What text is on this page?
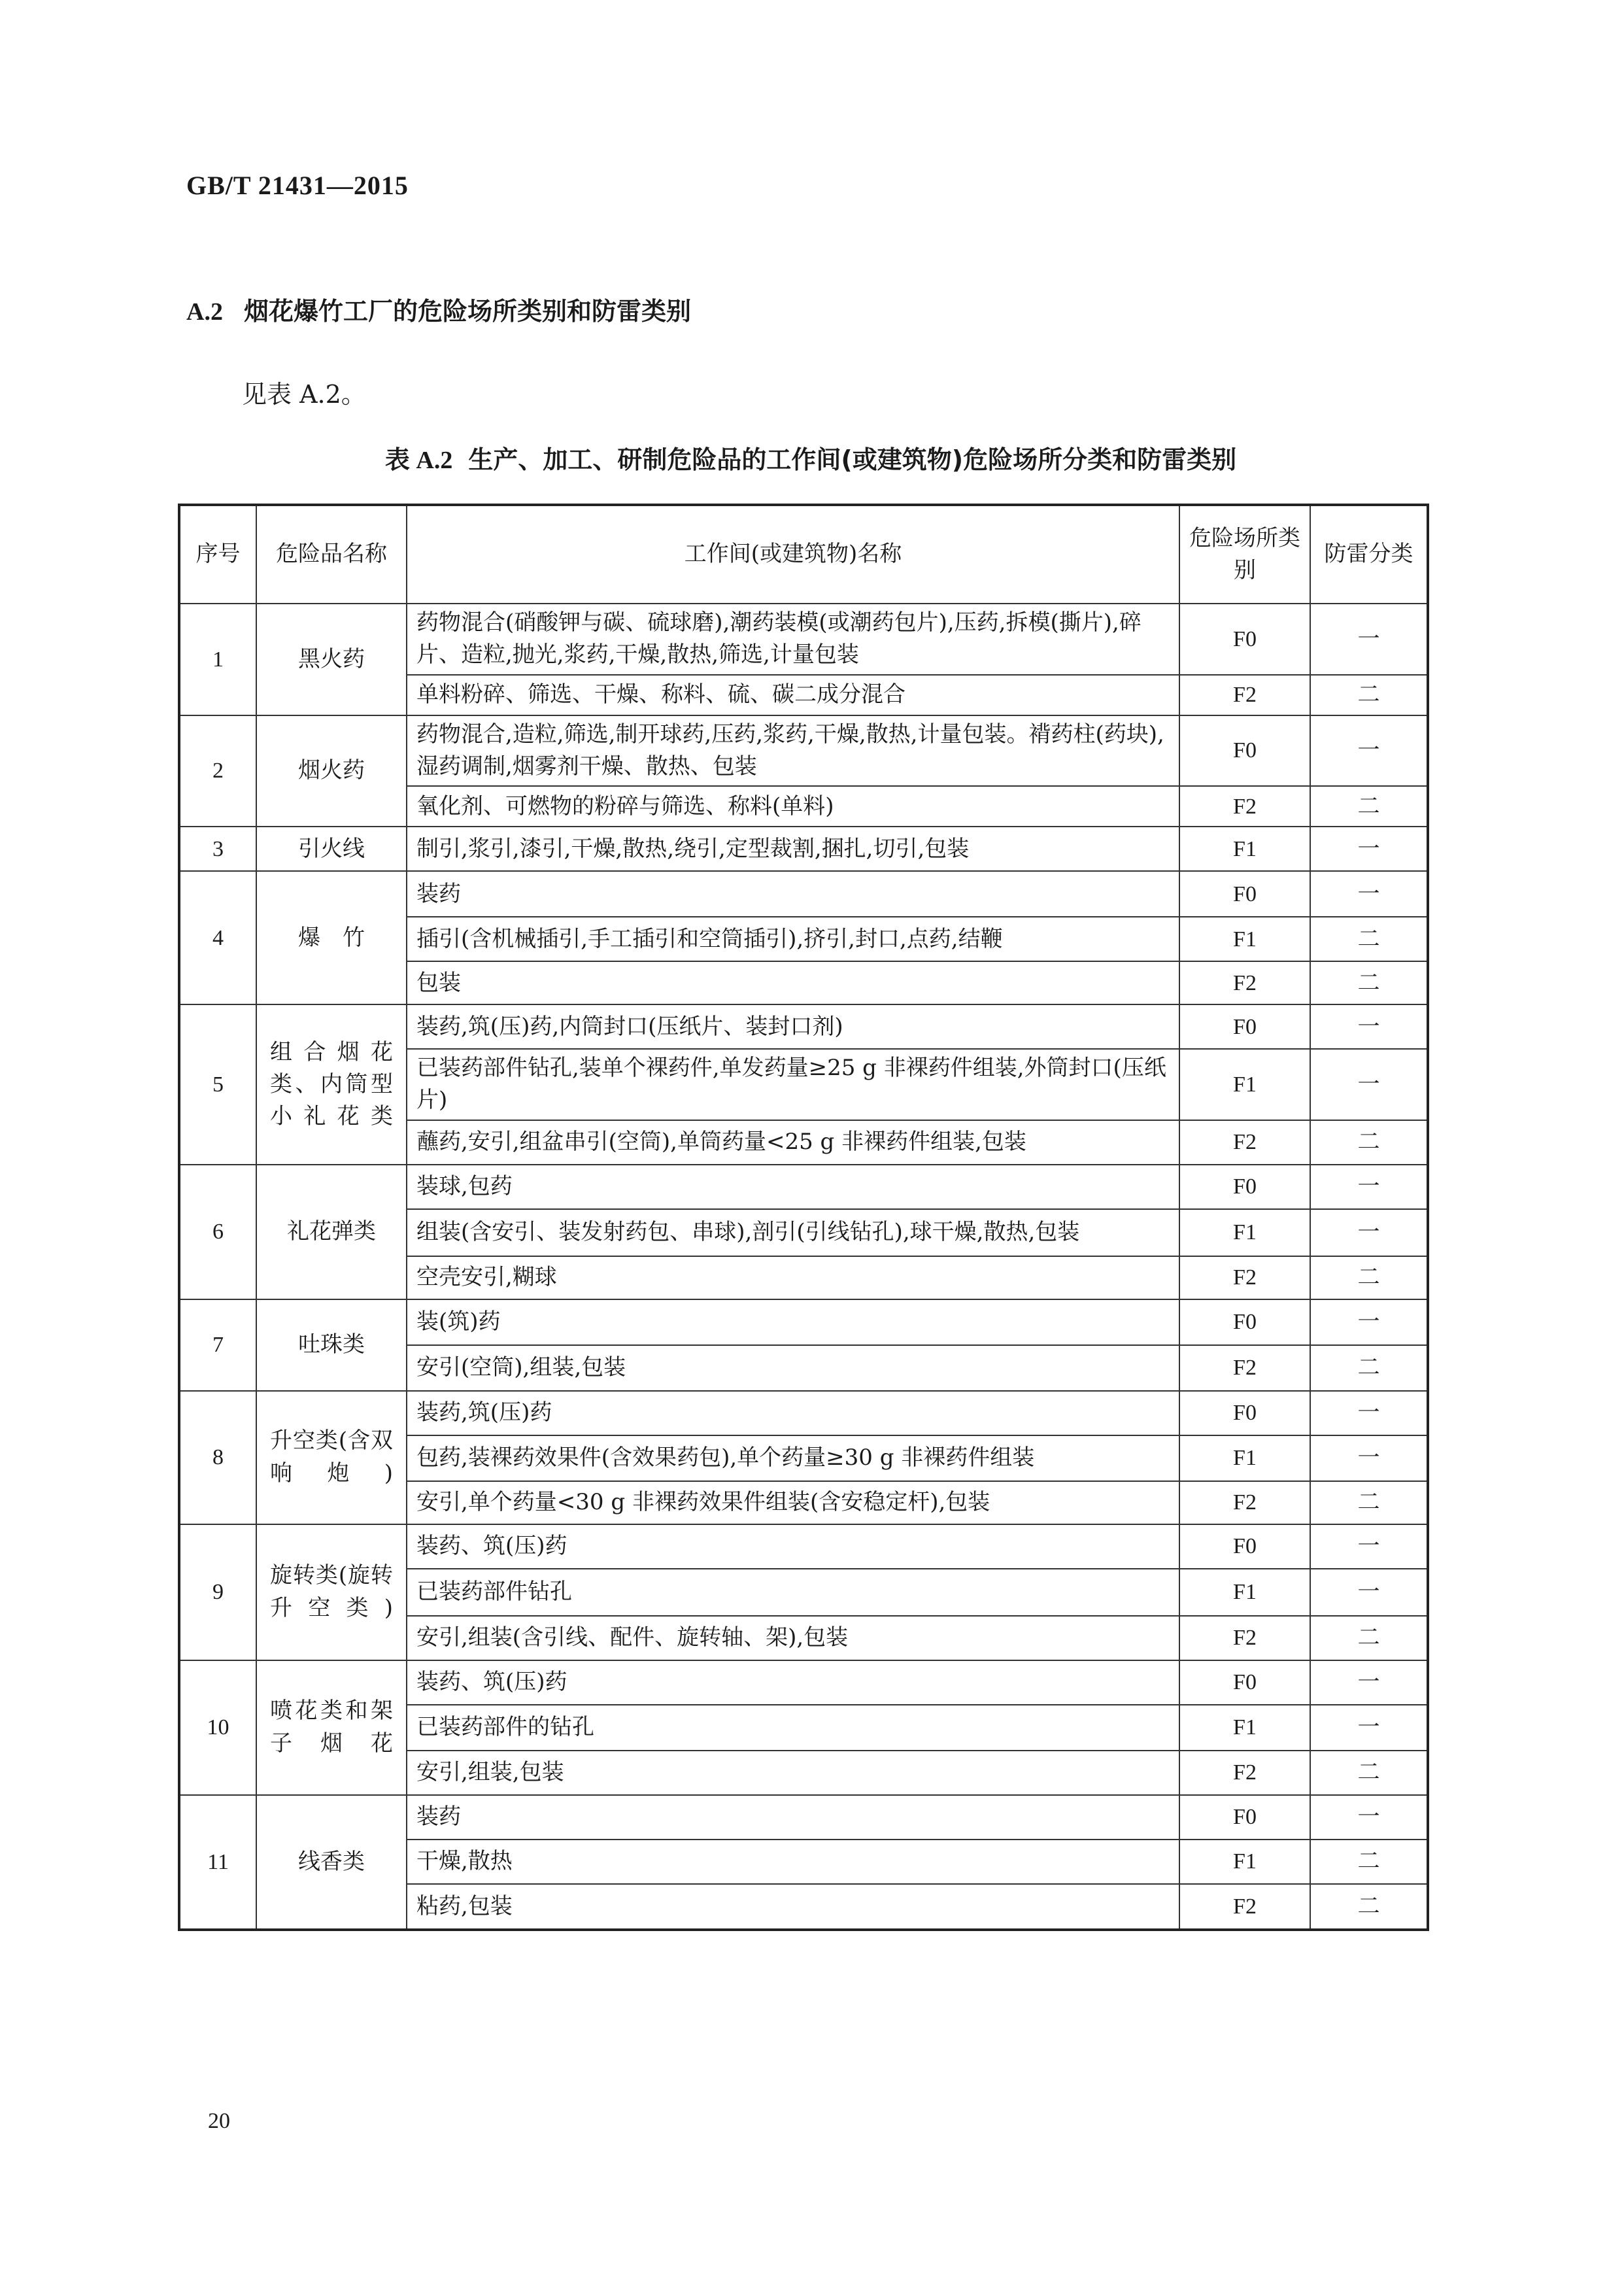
GB/T 21431—2015
A.2 烟花爆竹工厂的危险场所类别和防雷类别
见表 A.2。
表 A.2 生产、加工、研制危险品的工作间(或建筑物)危险场所分类和防雷类别
序号	危险品名称	工作间(或建筑物)名称	危险场所类别	防雷分类
1	黑火药	药物混合(硝酸钾与碳、硫球磨),潮药装模(或潮药包片),压药,拆模(撕片),碎片、造粒,抛光,浆药,干燥,散热,筛选,计量包装	F0	一
		单料粉碎、筛选、干燥、称料、硫、碳二成分混合	F2	二
2	烟火药	药物混合,造粒,筛选,制开球药,压药,浆药,干燥,散热,计量包装。褙药柱(药块),湿药调制,烟雾剂干燥、散热、包装	F0	一
		氧化剂、可燃物的粉碎与筛选、称料(单料)	F2	二
3	引火线	制引,浆引,漆引,干燥,散热,绕引,定型裁割,捆扎,切引,包装	F1	一
4	爆　竹	装药	F0	一
		插引(含机械插引,手工插引和空筒插引),挤引,封口,点药,结鞭	F1	二
		包装	F2	二
5	组合烟花类、内筒型小礼花类	装药,筑(压)药,内筒封口(压纸片、装封口剂)	F0	一
		已装药部件钻孔,装单个裸药件,单发药量≥25 g 非裸药件组装,外筒封口(压纸片)	F1	一
		蘸药,安引,组盆串引(空筒),单筒药量<25 g 非裸药件组装,包装	F2	二
6	礼花弹类	装球,包药	F0	一
		组装(含安引、装发射药包、串球),剖引(引线钻孔),球干燥,散热,包装	F1	一
		空壳安引,糊球	F2	二
7	吐珠类	装(筑)药	F0	一
		安引(空筒),组装,包装	F2	二
8	升空类(含双响炮)	装药,筑(压)药	F0	一
		包药,装裸药效果件(含效果药包),单个药量≥30 g 非裸药件组装	F1	一
		安引,单个药量<30 g 非裸药效果件组装(含安稳定杆),包装	F2	二
9	旋转类(旋转升空类)	装药、筑(压)药	F0	一
		已装药部件钻孔	F1	一
		安引,组装(含引线、配件、旋转轴、架),包装	F2	二
10	喷花类和架子烟花	装药、筑(压)药	F0	一
		已装药部件的钻孔	F1	一
		安引,组装,包装	F2	二
11	线香类	装药	F0	一
		干燥,散热	F1	二
		粘药,包装	F2	二
20
